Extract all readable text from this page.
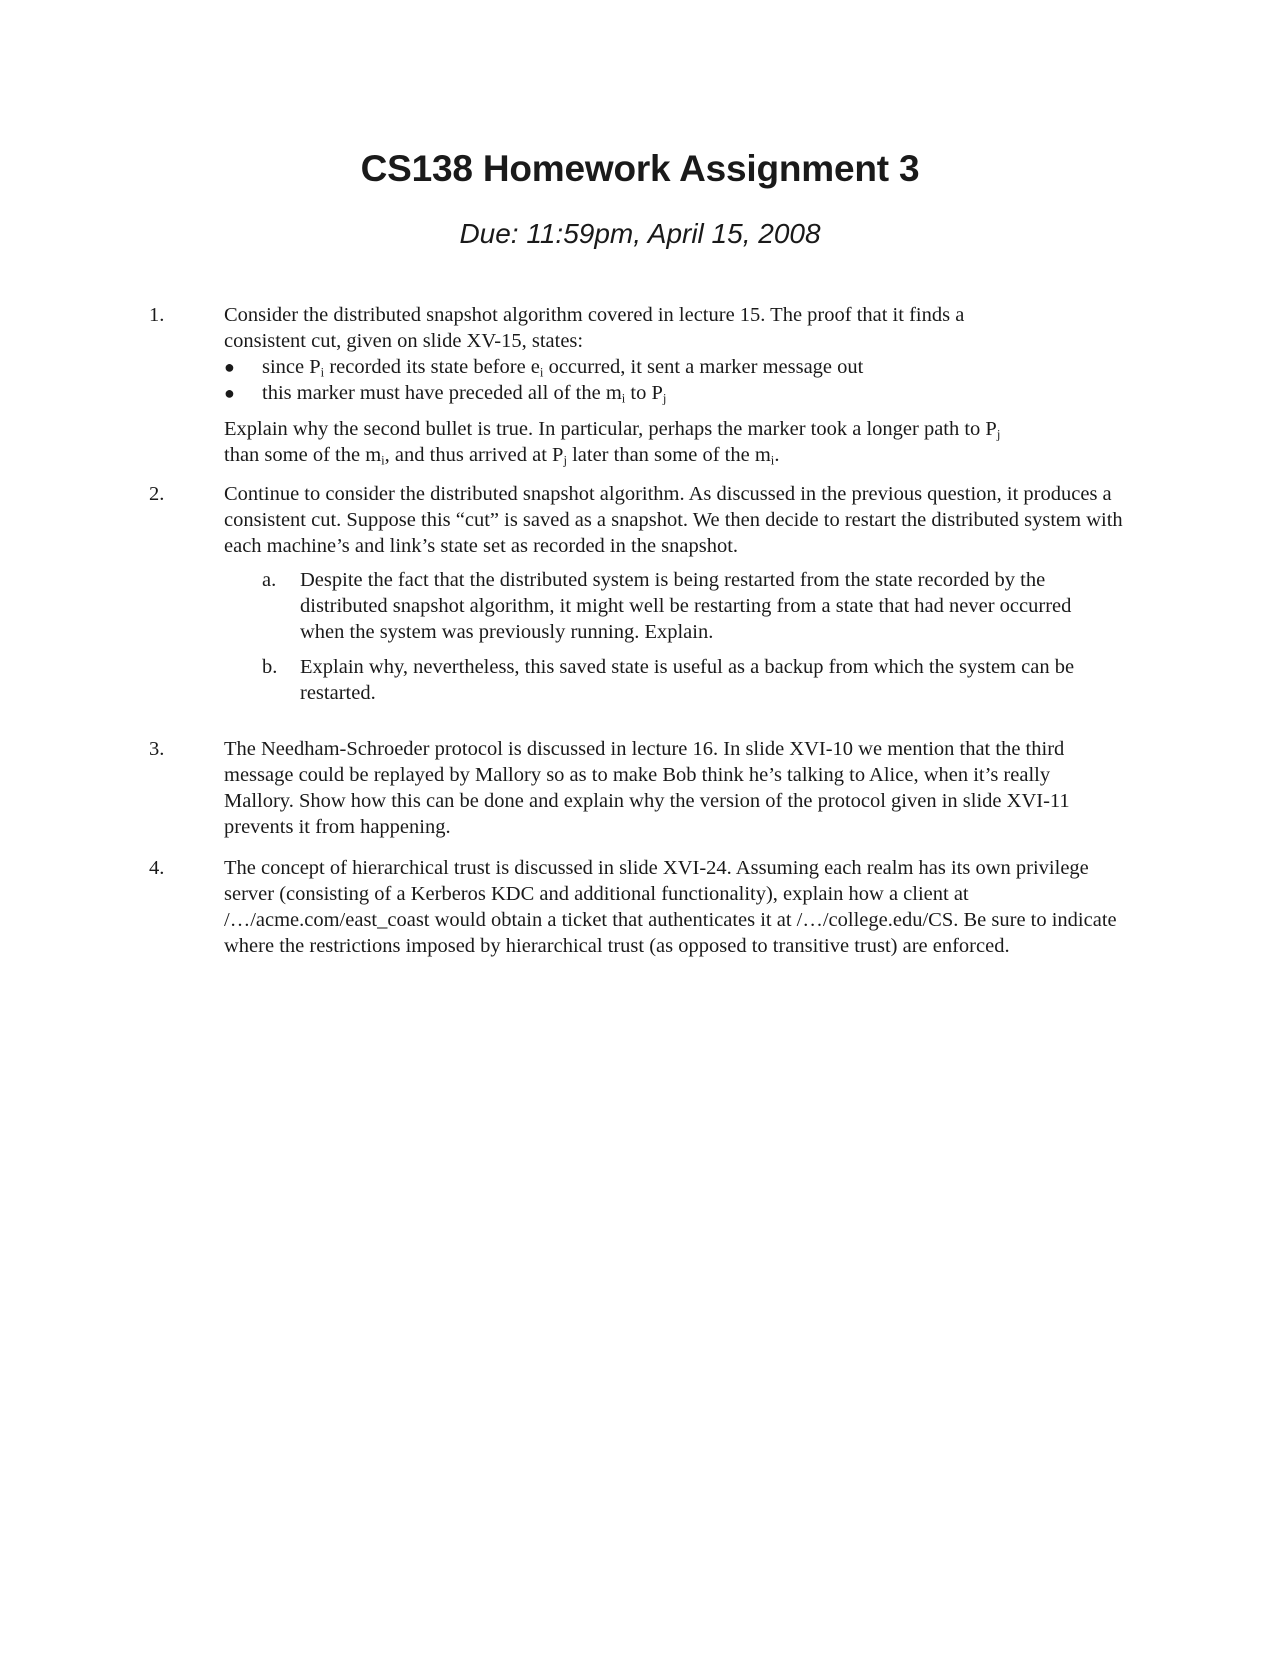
CS138 Homework Assignment 3

Due: 11:59pm, April 15, 2008

1.	Consider the distributed snapshot algorithm covered in lecture 15. The proof that it finds a
consistent cut, given on slide XV-15, states:
● since $P_i$ recorded its state before $e_i$ occurred, it sent a marker message out
● this marker must have preceded all of the $m_i$ to $P_j$
Explain why the second bullet is true. In particular, perhaps the marker took a longer path to $P_j$
than some of the $m_i$, and thus arrived at $P_j$ later than some of the $m_i$.
2.	Continue to consider the distributed snapshot algorithm. As discussed in the previous question, it produces a consistent cut. Suppose this “cut” is saved as a snapshot. We then decide to restart the distributed system with each machine’s and link’s state set as recorded in the snapshot.

a. Despite the fact that the distributed system is being restarted from the state recorded by the distributed snapshot algorithm, it might well be restarting from a state that had never occurred when the system was previously running. Explain.

b. Explain why, nevertheless, this saved state is useful as a backup from which the system can be restarted.

3.	The Needham-Schroeder protocol is discussed in lecture 16. In slide XVI-10 we mention that the third message could be replayed by Mallory so as to make Bob think he’s talking to Alice, when it’s really Mallory. Show how this can be done and explain why the version of the protocol given in slide XVI-11 prevents it from happening.

4.	The concept of hierarchical trust is discussed in slide XVI-24. Assuming each realm has its own privilege server (consisting of a Kerberos KDC and additional functionality), explain how a client at /…/acme.com/east_coast would obtain a ticket that authenticates it at /…/college.edu/CS. Be sure to indicate where the restrictions imposed by hierarchical trust (as opposed to transitive trust) are enforced.
